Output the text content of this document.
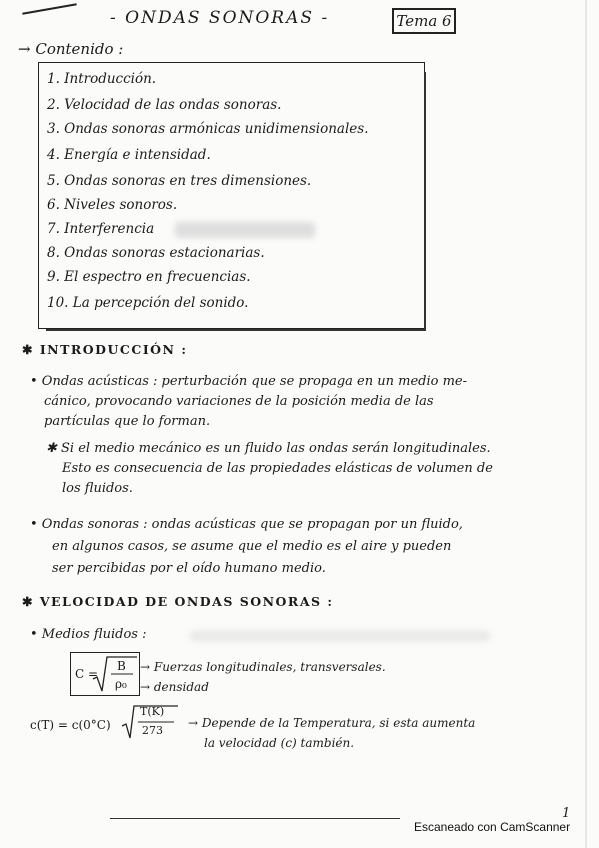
- ONDAS SONORAS -	Tema 6
→ Contenido :
1. Introducción.
2. Velocidad de las ondas sonoras.
3. Ondas sonoras armónicas unidimensionales.
4. Energía e intensidad.
5. Ondas sonoras en tres dimensiones.
6. Niveles sonoros.
7. Interferencia
8. Ondas sonoras estacionarias.
9. El espectro en frecuencias.
10. La percepción del sonido.
✱ INTRODUCCIÓN :
• Ondas acústicas : perturbación que se propaga en un medio me-
cánico, provocando variaciones de la posición media de las
partículas que lo forman.
✱ Si el medio mecánico es un fluido las ondas serán longitudinales.
Esto es consecuencia de las propiedades elásticas de volumen de
los fluidos.
• Ondas sonoras : ondas acústicas que se propagan por un fluido,
en algunos casos, se asume que el medio es el aire y pueden
ser percibidas por el oído humano medio.
✱ VELOCIDAD DE ONDAS SONORAS :
• Medios fluidos :
C =
B
ρ₀
→ Fuerzas longitudinales, transversales.
→ densidad
c(T) = c(0°C)
T(K)
273
→ Depende de la Temperatura, si esta aumenta
la velocidad (c) también.
1
Escaneado con CamScanner
